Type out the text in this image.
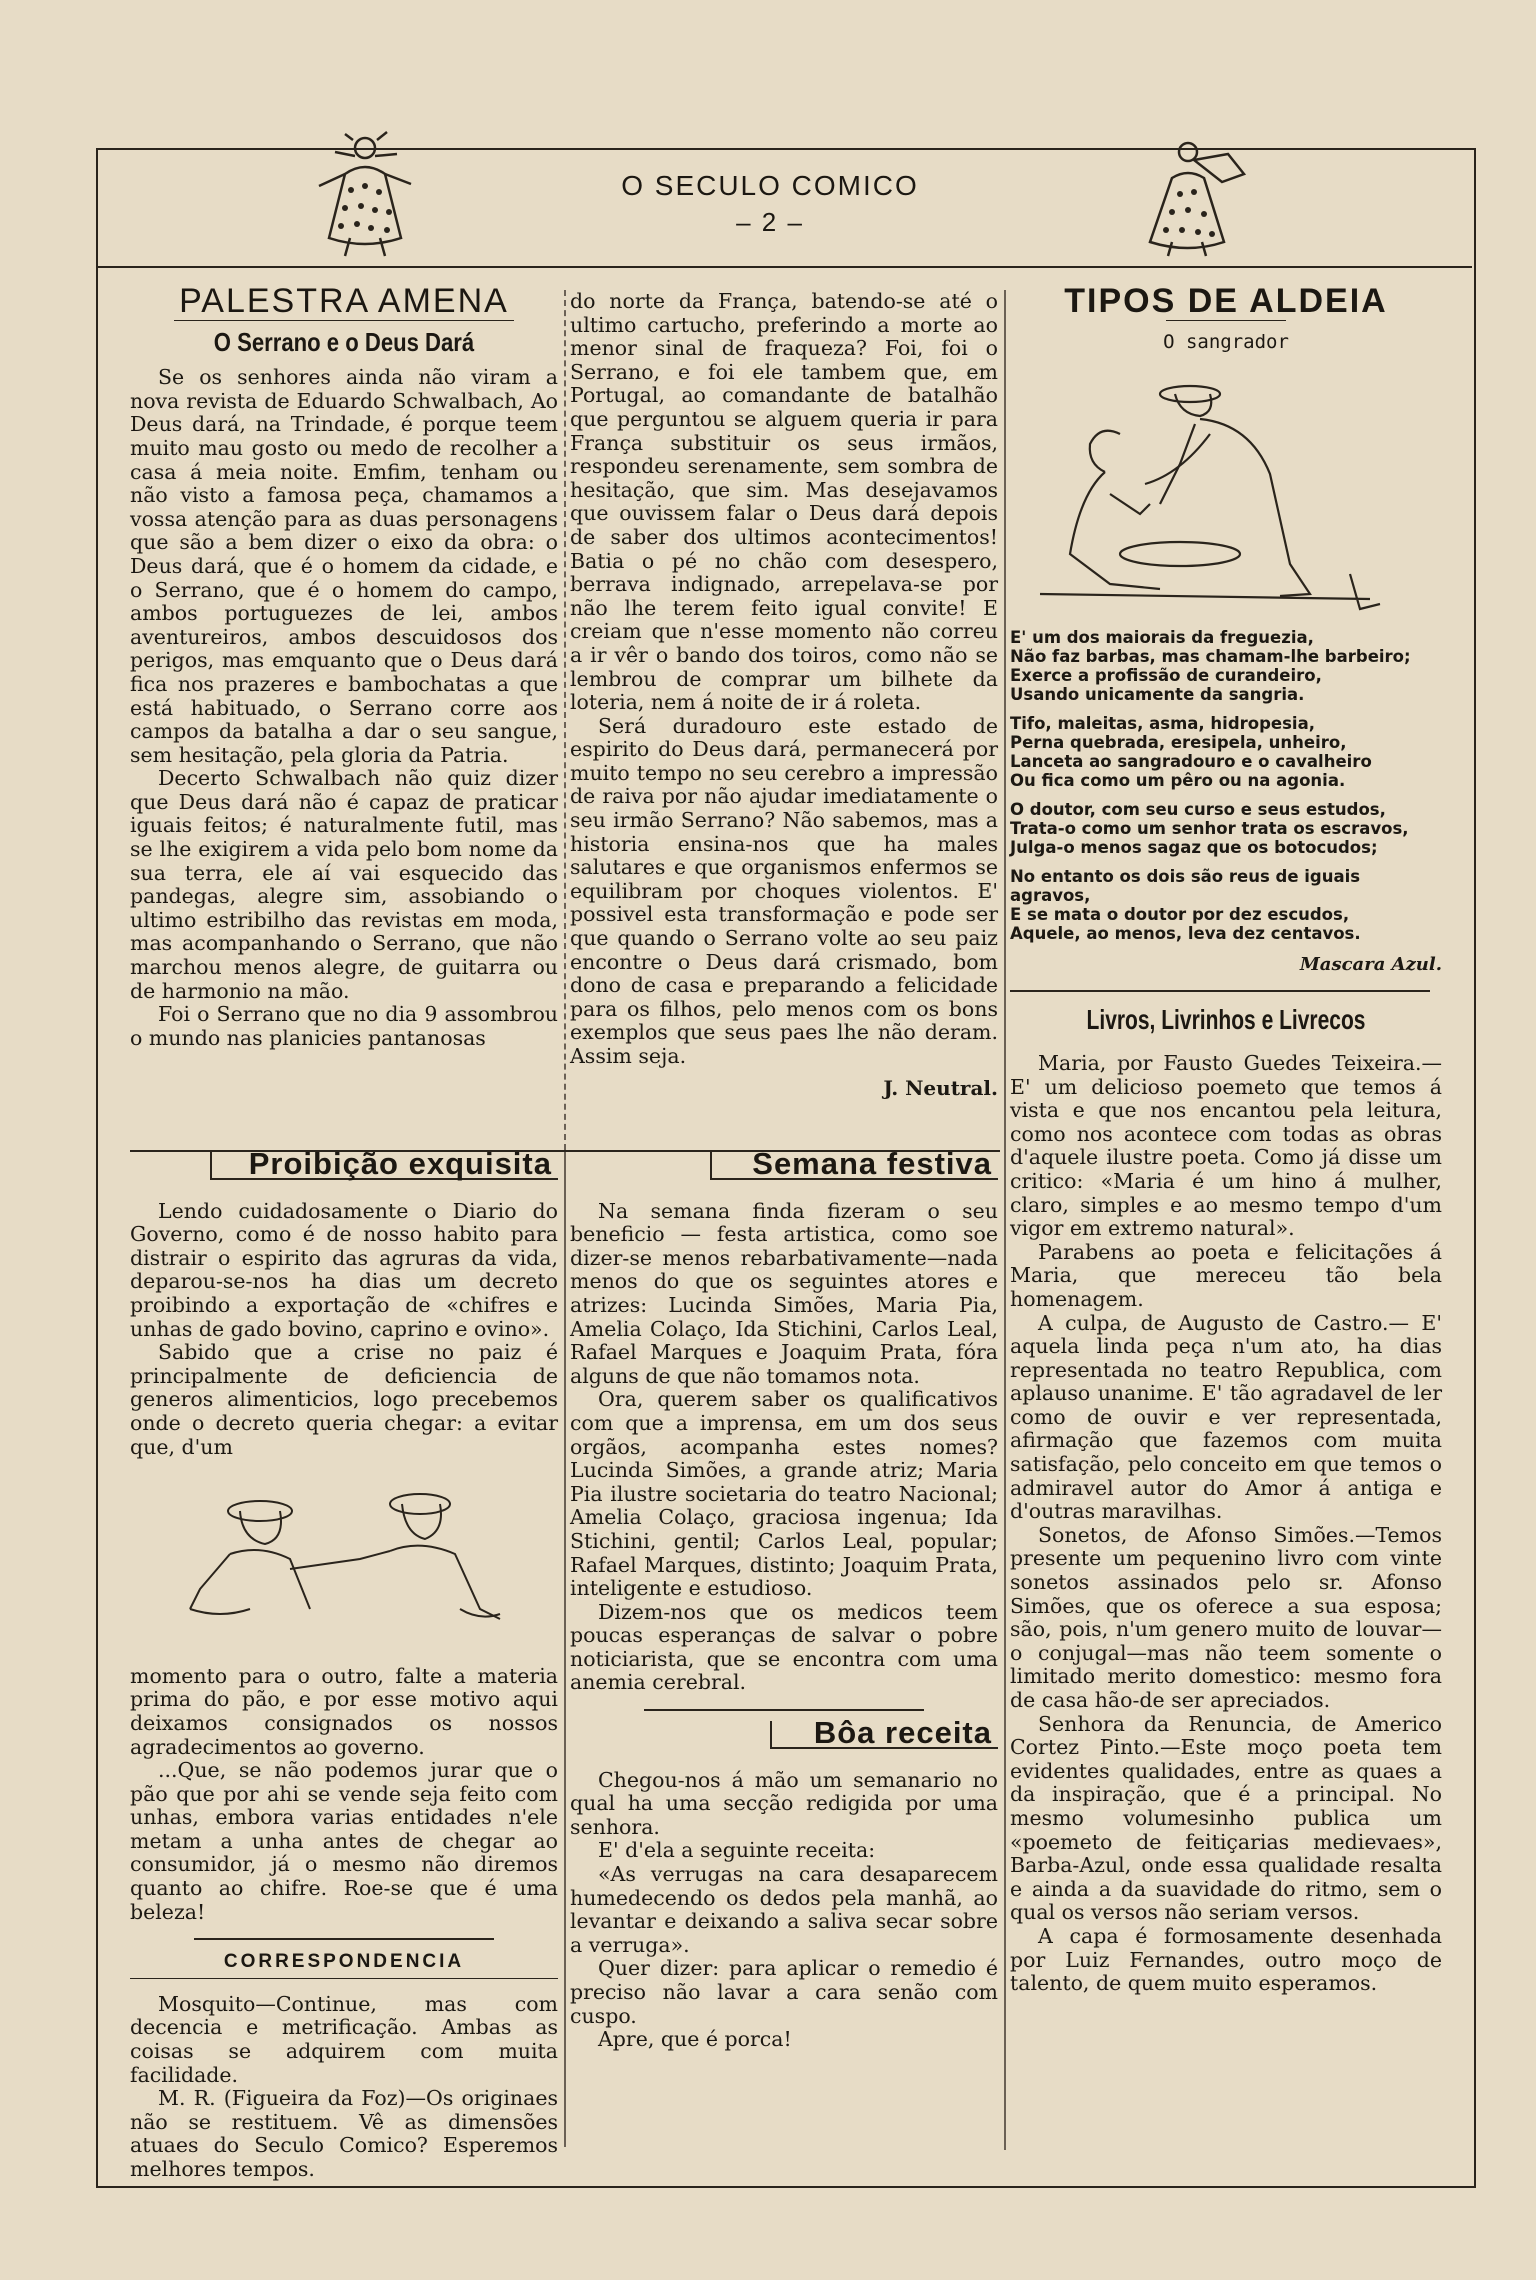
O SECULO COMICO
– 2 –
PALESTRA AMENA
O Serrano e o Deus Dará

Se os senhores ainda não viram a nova revista de Eduardo Schwalbach, Ao Deus dará, na Trindade, é porque teem muito mau gosto ou medo de recolher a casa á meia noite. Emfim, tenham ou não visto a famosa peça, chamamos a vossa atenção para as duas personagens que são a bem dizer o eixo da obra: o Deus dará, que é o homem da cidade, e o Serrano, que é o homem do campo, ambos portuguezes de lei, ambos aventureiros, ambos descuidosos dos perigos, mas emquanto que o Deus dará fica nos prazeres e bambochatas a que está habituado, o Serrano corre aos campos da batalha a dar o seu sangue, sem hesitação, pela gloria da Patria.

Decerto Schwalbach não quiz dizer que Deus dará não é capaz de praticar iguais feitos; é naturalmente futil, mas se lhe exigirem a vida pelo bom nome da sua terra, ele aí vai esquecido das pandegas, alegre sim, assobiando o ultimo estribilho das revistas em moda, mas acompanhando o Serrano, que não marchou menos alegre, de guitarra ou de harmonio na mão.

Foi o Serrano que no dia 9 assombrou o mundo nas planicies pantanosas

do norte da França, batendo-se até o ultimo cartucho, preferindo a morte ao menor sinal de fraqueza? Foi, foi o Serrano, e foi ele tambem que, em Portugal, ao comandante de batalhão que perguntou se alguem queria ir para França substituir os seus irmãos, respondeu serenamente, sem sombra de hesitação, que sim. Mas desejavamos que ouvissem falar o Deus dará depois de saber dos ultimos acontecimentos! Batia o pé no chão com desespero, berrava indignado, arrepelava-se por não lhe terem feito igual convite! E creiam que n'esse momento não correu a ir vêr o bando dos toiros, como não se lembrou de comprar um bilhete da loteria, nem á noite de ir á roleta.

Será duradouro este estado de espirito do Deus dará, permanecerá por muito tempo no seu cerebro a impressão de raiva por não ajudar imediatamente o seu irmão Serrano? Não sabemos, mas a historia ensina-nos que ha males salutares e que organismos enfermos se equilibram por choques violentos. E' possivel esta transformação e pode ser que quando o Serrano volte ao seu paiz encontre o Deus dará crismado, bom dono de casa e preparando a felicidade para os filhos, pelo menos com os bons exemplos que seus paes lhe não deram. Assim seja.

J. Neutral.
TIPOS DE ALDEIA
O sangrador

E' um dos maiorais da freguezia,

Não faz barbas, mas chamam-lhe barbeiro;

Exerce a profissão de curandeiro,

Usando unicamente da sangria.

Tifo, maleitas, asma, hidropesia,

Perna quebrada, eresipela, unheiro,

Lanceta ao sangradouro e o cavalheiro

Ou fica como um pêro ou na agonia.

O doutor, com seu curso e seus estudos,

Trata-o como um senhor trata os escravos,

Julga-o menos sagaz que os botocudos;

No entanto os dois são reus de iguais agravos,

E se mata o doutor por dez escudos,

Aquele, ao menos, leva dez centavos.

Mascara Azul.
Livros, Livrinhos e Livrecos

Maria, por Fausto Guedes Teixeira.—E' um delicioso poemeto que temos á vista e que nos encantou pela leitura, como nos acontece com todas as obras d'aquele ilustre poeta. Como já disse um critico: «Maria é um hino á mulher, claro, simples e ao mesmo tempo d'um vigor em extremo natural».

Parabens ao poeta e felicitações á Maria, que mereceu tão bela homenagem.

A culpa, de Augusto de Castro.— E' aquela linda peça n'um ato, ha dias representada no teatro Republica, com aplauso unanime. E' tão agradavel de ler como de ouvir e ver representada, afirmação que fazemos com muita satisfação, pelo conceito em que temos o admiravel autor do Amor á antiga e d'outras maravilhas.

Sonetos, de Afonso Simões.—Temos presente um pequenino livro com vinte sonetos assinados pelo sr. Afonso Simões, que os oferece a sua esposa; são, pois, n'um genero muito de louvar—o conjugal—mas não teem somente o limitado merito domestico: mesmo fora de casa hão-de ser apreciados.

Senhora da Renuncia, de Americo Cortez Pinto.—Este moço poeta tem evidentes qualidades, entre as quaes a da inspiração, que é a principal. No mesmo volumesinho publica um «poemeto de feitiçarias medievaes», Barba-Azul, onde essa qualidade resalta e ainda a da suavidade do ritmo, sem o qual os versos não seriam versos.

A capa é formosamente desenhada por Luiz Fernandes, outro moço de talento, de quem muito esperamos.

Proibição exquisita

Lendo cuidadosamente o Diario do Governo, como é de nosso habito para distrair o espirito das agruras da vida, deparou-se-nos ha dias um decreto proibindo a exportação de «chifres e unhas de gado bovino, caprino e ovino».

Sabido que a crise no paiz é principalmente de deficiencia de generos alimenticios, logo precebemos onde o decreto queria chegar: a evitar que, d'um

momento para o outro, falte a materia prima do pão, e por esse motivo aqui deixamos consignados os nossos agradecimentos ao governo.

...Que, se não podemos jurar que o pão que por ahi se vende seja feito com unhas, embora varias entidades n'ele metam a unha antes de chegar ao consumidor, já o mesmo não diremos quanto ao chifre. Roe-se que é uma beleza!

CORRESPONDENCIA

Mosquito—Continue, mas com decencia e metrificação. Ambas as coisas se adquirem com muita facilidade.

M. R. (Figueira da Foz)—Os originaes não se restituem. Vê as dimensões atuaes do Seculo Comico? Esperemos melhores tempos.

Semana festiva

Na semana finda fizeram o seu beneficio — festa artistica, como soe dizer-se menos rebarbativamente—nada menos do que os seguintes atores e atrizes: Lucinda Simões, Maria Pia, Amelia Colaço, Ida Stichini, Carlos Leal, Rafael Marques e Joaquim Prata, fóra alguns de que não tomamos nota.

Ora, querem saber os qualificativos com que a imprensa, em um dos seus orgãos, acompanha estes nomes? Lucinda Simões, a grande atriz; Maria Pia ilustre societaria do teatro Nacional; Amelia Colaço, graciosa ingenua; Ida Stichini, gentil; Carlos Leal, popular; Rafael Marques, distinto; Joaquim Prata, inteligente e estudioso.

Dizem-nos que os medicos teem poucas esperanças de salvar o pobre noticiarista, que se encontra com uma anemia cerebral.

Bôa receita

Chegou-nos á mão um semanario no qual ha uma secção redigida por uma senhora.

E' d'ela a seguinte receita:

«As verrugas na cara desaparecem humedecendo os dedos pela manhã, ao levantar e deixando a saliva secar sobre a verruga».

Quer dizer: para aplicar o remedio é preciso não lavar a cara senão com cuspo.

Apre, que é porca!
